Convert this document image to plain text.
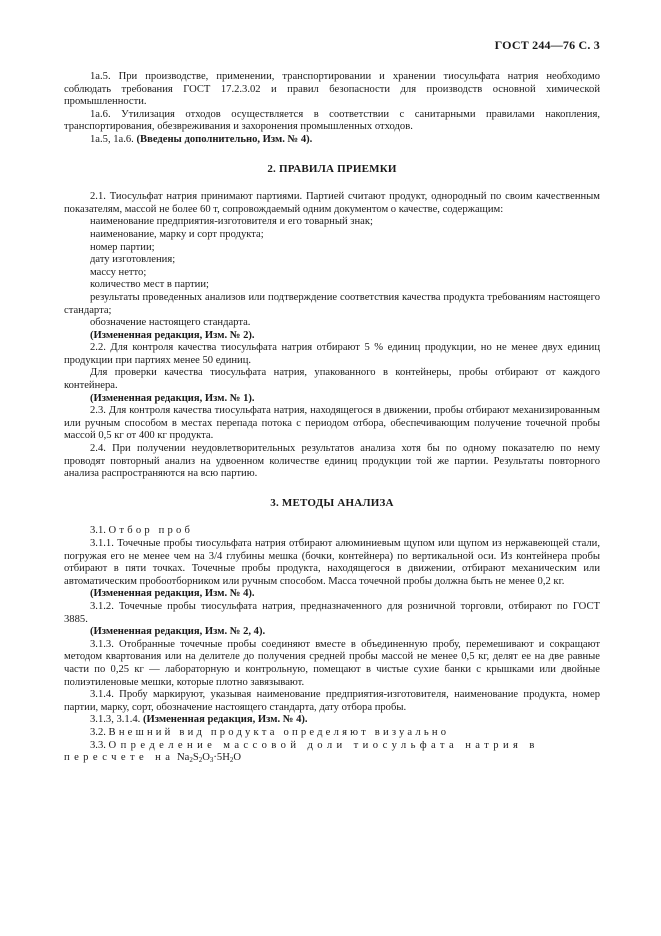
ГОСТ 244—76 С. 3

1а.5. При производстве, применении, транспортировании и хранении тиосульфата натрия необходимо соблюдать требования ГОСТ 17.2.3.02 и правил безопасности для производств основной химической промышленности.

1а.6. Утилизация отходов осуществляется в соответствии с санитарными правилами накопления, транспортирования, обезвреживания и захоронения промышленных отходов.

1а.5, 1а.6. (Введены дополнительно, Изм. № 4).

2. ПРАВИЛА ПРИЕМКИ

2.1. Тиосульфат натрия принимают партиями. Партией считают продукт, однородный по своим качественным показателям, массой не более 60 т, сопровождаемый одним документом о качестве, содержащим:

наименование предприятия-изготовителя и его товарный знак;

наименование, марку и сорт продукта;

номер партии;

дату изготовления;

массу нетто;

количество мест в партии;

результаты проведенных анализов или подтверждение соответствия качества продукта требованиям настоящего стандарта;

обозначение настоящего стандарта.

(Измененная редакция, Изм. № 2).

2.2. Для контроля качества тиосульфата натрия отбирают 5 % единиц продукции, но не менее двух единиц продукции при партиях менее 50 единиц.

Для проверки качества тиосульфата натрия, упакованного в контейнеры, пробы отбирают от каждого контейнера.

(Измененная редакция, Изм. № 1).

2.3. Для контроля качества тиосульфата натрия, находящегося в движении, пробы отбирают механизированным или ручным способом в местах перепада потока с периодом отбора, обеспечивающим получение точечной пробы массой 0,5 кг от 400 кг продукта.

2.4. При получении неудовлетворительных результатов анализа хотя бы по одному показателю по нему проводят повторный анализ на удвоенном количестве единиц продукции той же партии. Результаты повторного анализа распространяются на всю партию.

3. МЕТОДЫ АНАЛИЗА

3.1. Отбор проб

3.1.1. Точечные пробы тиосульфата натрия отбирают алюминиевым щупом или щупом из нержавеющей стали, погружая его не менее чем на 3/4 глубины мешка (бочки, контейнера) по вертикальной оси. Из контейнера пробы отбирают в пяти точках. Точечные пробы продукта, находящегося в движении, отбирают механическим или автоматическим пробоотборником или ручным способом. Масса точечной пробы должна быть не менее 0,2 кг.

(Измененная редакция, Изм. № 4).

3.1.2. Точечные пробы тиосульфата натрия, предназначенного для розничной торговли, отбирают по ГОСТ 3885.

(Измененная редакция, Изм. № 2, 4).

3.1.3. Отобранные точечные пробы соединяют вместе в объединенную пробу, перемешивают и сокращают методом квартования или на делителе до получения средней пробы массой не менее 0,5 кг, делят ее на две равные части по 0,25 кг — лабораторную и контрольную, помещают в чистые сухие банки с крышками или двойные полиэтиленовые мешки, которые плотно завязывают.

3.1.4. Пробу маркируют, указывая наименование предприятия-изготовителя, наименование продукта, номер партии, марку, сорт, обозначение настоящего стандарта, дату отбора пробы.

3.1.3, 3.1.4. (Измененная редакция, Изм. № 4).

3.2. Внешний вид продукта определяют визуально

3.3. Определение массовой доли тиосульфата натрия в пересчете на $Na_2S_2O_3\cdot 5H_2O$
